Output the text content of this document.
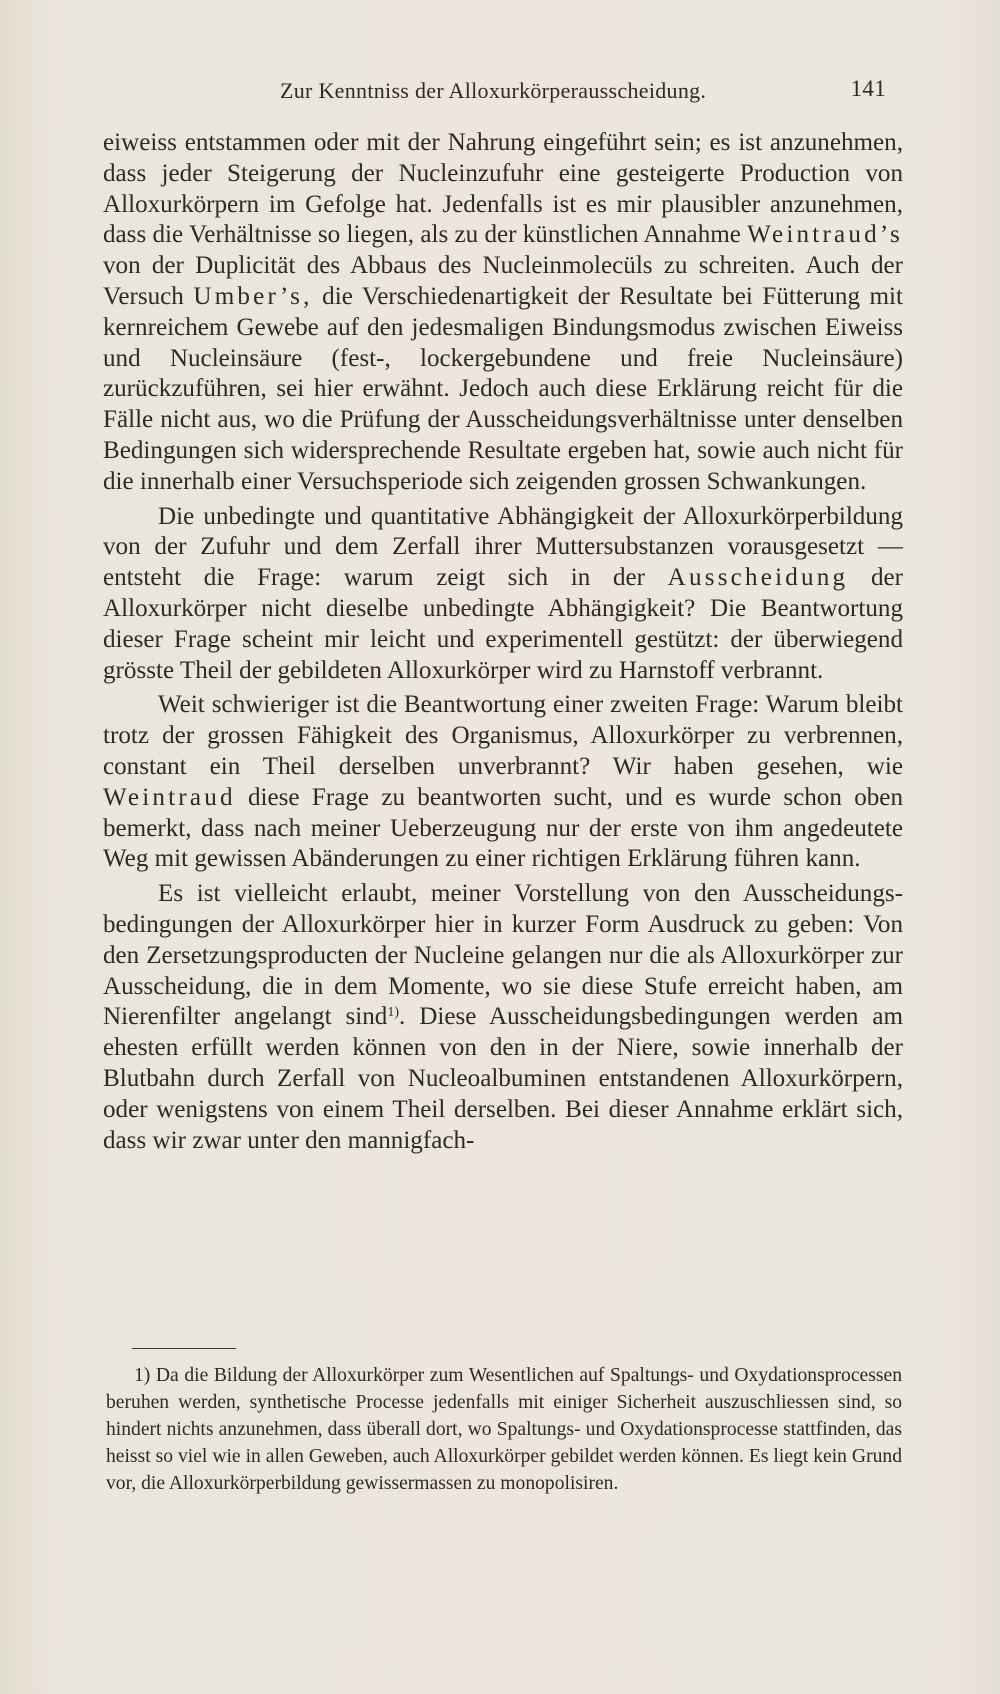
Zur Kenntniss der Alloxurkörperausscheidung.	141

eiweiss entstammen oder mit der Nahrung eingeführt sein; es ist anzunehmen, dass jeder Steigerung der Nucleinzufuhr eine gesteigerte Production von Alloxurkörpern im Gefolge hat. Jedenfalls ist es mir plausibler anzunehmen, dass die Verhältnisse so liegen, als zu der künstlichen Annahme Weintraud’s von der Duplicität des Abbaus des Nucleinmolecüls zu schreiten. Auch der Versuch Umber’s, die Verschiedenartigkeit der Resultate bei Fütterung mit kernreichem Gewebe auf den jedesmaligen Bindungsmodus zwischen Eiweiss und Nucleinsäure (fest-, lockergebundene und freie Nucleinsäure) zurückzuführen, sei hier erwähnt. Jedoch auch diese Erklärung reicht für die Fälle nicht aus, wo die Prüfung der Ausscheidungsverhältnisse unter denselben Bedingungen sich widersprechende Resultate ergeben hat, sowie auch nicht für die innerhalb einer Versuchsperiode sich zeigenden grossen Schwankungen.

Die unbedingte und quantitative Abhängigkeit der Alloxurkörperbildung von der Zufuhr und dem Zerfall ihrer Muttersubstanzen vorausgesetzt — entsteht die Frage: warum zeigt sich in der Ausscheidung der Alloxurkörper nicht dieselbe unbedingte Abhängigkeit? Die Beantwortung dieser Frage scheint mir leicht und experimentell gestützt: der überwiegend grösste Theil der gebildeten Alloxurkörper wird zu Harnstoff verbrannt.

Weit schwieriger ist die Beantwortung einer zweiten Frage: Warum bleibt trotz der grossen Fähigkeit des Organismus, Alloxurkörper zu verbrennen, constant ein Theil derselben unverbrannt? Wir haben gesehen, wie Weintraud diese Frage zu beantworten sucht, und es wurde schon oben bemerkt, dass nach meiner Ueberzeugung nur der erste von ihm angedeutete Weg mit gewissen Abänderungen zu einer richtigen Erklärung führen kann.

Es ist vielleicht erlaubt, meiner Vorstellung von den Ausscheidungsbedingungen der Alloxurkörper hier in kurzer Form Ausdruck zu geben: Von den Zersetzungsproducten der Nucleine gelangen nur die als Alloxurkörper zur Ausscheidung, die in dem Momente, wo sie diese Stufe erreicht haben, am Nierenfilter angelangt sind$^{1)}$. Diese Ausscheidungsbedingungen werden am ehesten erfüllt werden können von den in der Niere, sowie innerhalb der Blutbahn durch Zerfall von Nucleoalbuminen entstandenen Alloxurkörpern, oder wenigstens von einem Theil derselben. Bei dieser Annahme erklärt sich, dass wir zwar unter den mannigfach-

1) Da die Bildung der Alloxurkörper zum Wesentlichen auf Spaltungs- und Oxydationsprocessen beruhen werden, synthetische Processe jedenfalls mit einiger Sicherheit auszuschliessen sind, so hindert nichts anzunehmen, dass überall dort, wo Spaltungs- und Oxydationsprocesse stattfinden, das heisst so viel wie in allen Geweben, auch Alloxurkörper gebildet werden können. Es liegt kein Grund vor, die Alloxurkörperbildung gewissermassen zu monopolisiren.
